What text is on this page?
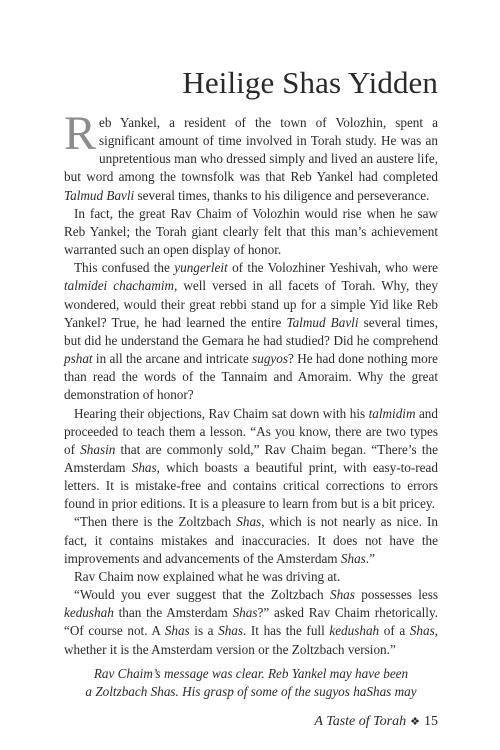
Heilige Shas Yidden

Reb Yankel, a resident of the town of Volozhin, spent a significant amount of time involved in Torah study. He was an unpretentious man who dressed simply and lived an austere life, but word among the townsfolk was that Reb Yankel had completed Talmud Bavli several times, thanks to his diligence and perseverance.

In fact, the great Rav Chaim of Volozhin would rise when he saw Reb Yankel; the Torah giant clearly felt that this man’s achievement warranted such an open display of honor.

This confused the yungerleit of the Volozhiner Yeshivah, who were talmidei chachamim, well versed in all facets of Torah. Why, they wondered, would their great rebbi stand up for a simple Yid like Reb Yankel? True, he had learned the entire Talmud Bavli several times, but did he understand the Gemara he had studied? Did he comprehend pshat in all the arcane and intricate sugyos? He had done nothing more than read the words of the Tannaim and Amoraim. Why the great demonstration of honor?

Hearing their objections, Rav Chaim sat down with his talmidim and proceeded to teach them a lesson. “As you know, there are two types of Shasin that are commonly sold,” Rav Chaim began. “There’s the Amsterdam Shas, which boasts a beautiful print, with easy-to-read letters. It is mistake-free and contains critical corrections to errors found in prior editions. It is a pleasure to learn from but is a bit pricey.

“Then there is the Zoltzbach Shas, which is not nearly as nice. In fact, it contains mistakes and inaccuracies. It does not have the improvements and advancements of the Amsterdam Shas.”

Rav Chaim now explained what he was driving at.

“Would you ever suggest that the Zoltzbach Shas possesses less kedushah than the Amsterdam Shas?” asked Rav Chaim rhetorically. “Of course not. A Shas is a Shas. It has the full kedushah of a Shas, whether it is the Amsterdam version or the Zoltzbach version.”

Rav Chaim’s message was clear. Reb Yankel may have been
a Zoltzbach Shas. His grasp of some of the sugyos haShas may

A Taste of Torah ❖ 15
